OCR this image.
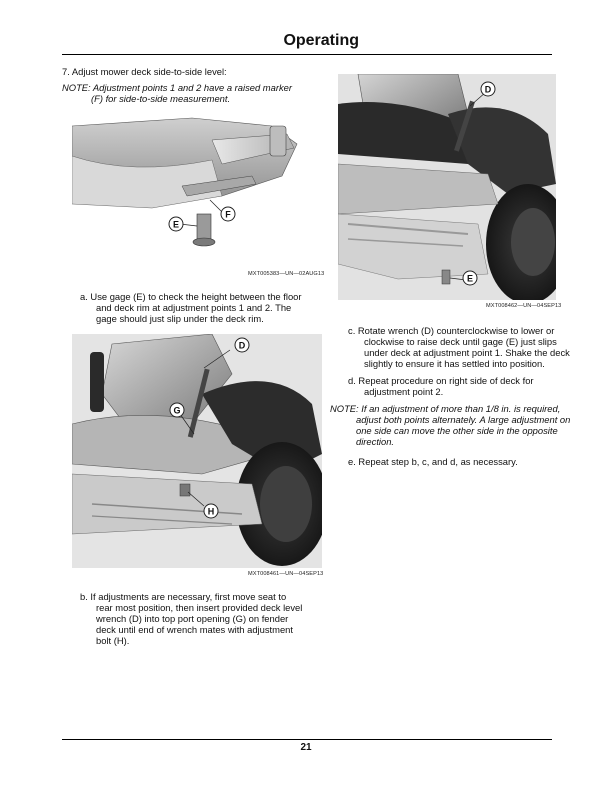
Operating
7. Adjust mower deck side-to-side level:
NOTE: Adjustment points 1 and 2 have a raised marker
(F) for side-to-side measurement.
E
F
MXT005383—UN—02AUG13
a. Use gage (E) to check the height between the floor
and deck rim at adjustment points 1 and 2. The
gage should just slip under the deck rim.
D
G
H
MXT008461—UN—04SEP13
b. If adjustments are necessary, first move seat to
rear most position, then insert provided deck level
wrench (D) into top port opening (G) on fender
deck until end of wrench mates with adjustment
bolt (H).
D
E
MXT008462—UN—04SEP13
c. Rotate wrench (D) counterclockwise to lower or
clockwise to raise deck until gage (E) just slips
under deck at adjustment point 1. Shake the deck
slightly to ensure it has settled into position.
d. Repeat procedure on right side of deck for
adjustment point 2.
NOTE: If an adjustment of more than 1/8 in. is required,
adjust both points alternately. A large adjustment on
one side can move the other side in the opposite
direction.
e. Repeat step b, c, and d, as necessary.
21
